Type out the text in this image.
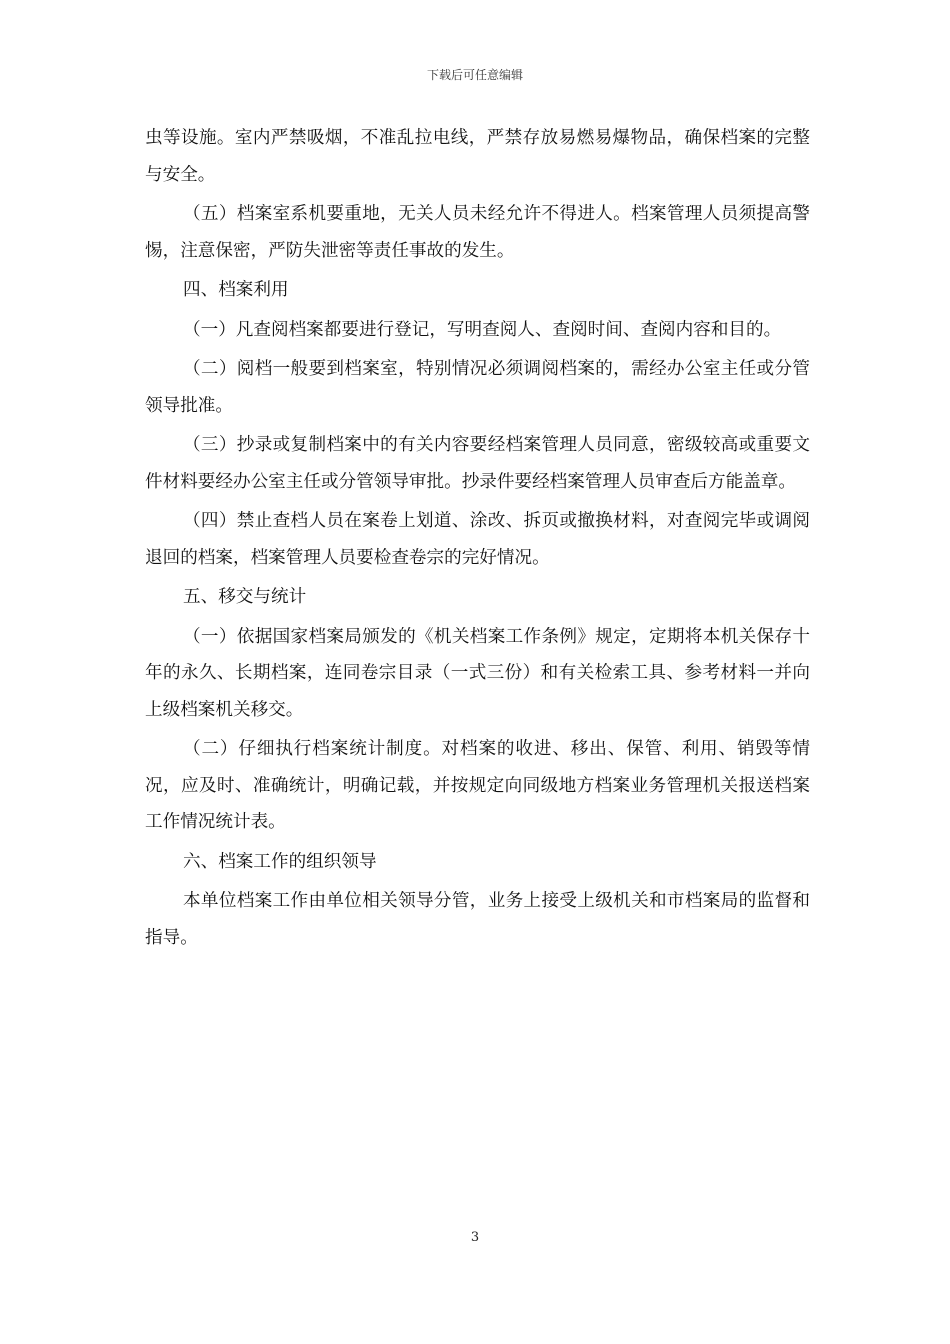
下载后可任意编辑

虫等设施。室内严禁吸烟，不准乱拉电线，严禁存放易燃易爆物品，确保档案的完整与安全。

（五）档案室系机要重地，无关人员未经允许不得进人。档案管理人员须提高警惕，注意保密，严防失泄密等责任事故的发生。

四、档案利用

（一）凡查阅档案都要进行登记，写明查阅人、查阅时间、查阅内容和目的。

（二）阅档一般要到档案室，特别情况必须调阅档案的，需经办公室主任或分管领导批准。

（三）抄录或复制档案中的有关内容要经档案管理人员同意，密级较高或重要文件材料要经办公室主任或分管领导审批。抄录件要经档案管理人员审查后方能盖章。

（四）禁止查档人员在案卷上划道、涂改、拆页或撤换材料，对查阅完毕或调阅退回的档案，档案管理人员要检查卷宗的完好情况。

五、移交与统计

（一）依据国家档案局颁发的《机关档案工作条例》规定，定期将本机关保存十年的永久、长期档案，连同卷宗目录（一式三份）和有关检索工具、参考材料一并向上级档案机关移交。

（二）仔细执行档案统计制度。对档案的收进、移出、保管、利用、销毁等情况，应及时、准确统计，明确记载，并按规定向同级地方档案业务管理机关报送档案工作情况统计表。

六、档案工作的组织领导

本单位档案工作由单位相关领导分管，业务上接受上级机关和市档案局的监督和指导。

3
